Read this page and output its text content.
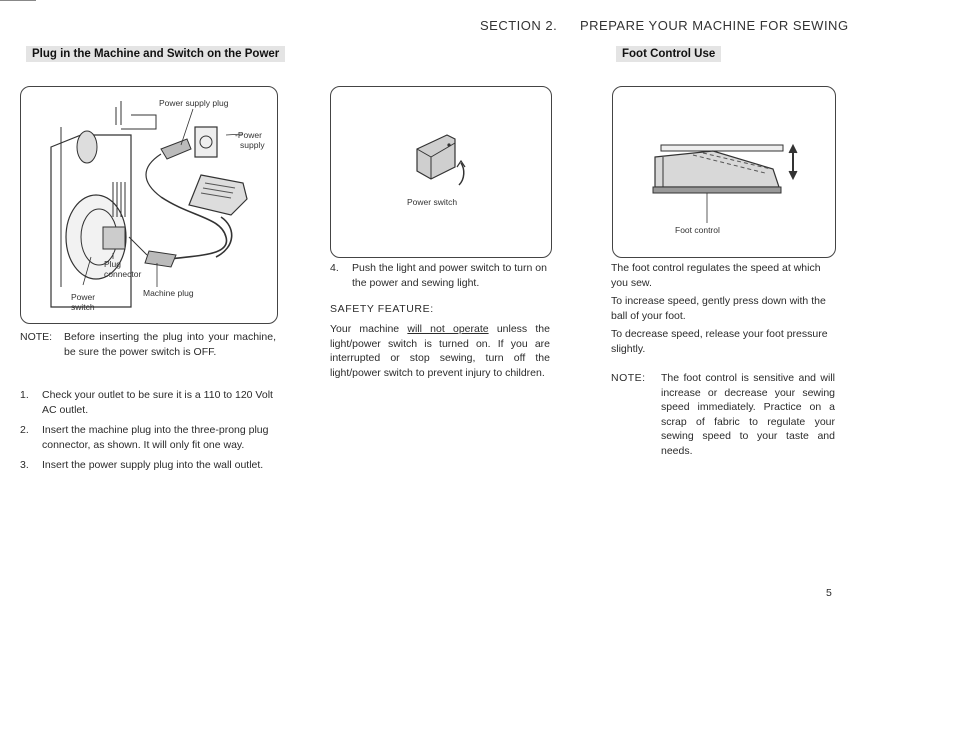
SECTION 2. PREPARE YOUR MACHINE FOR SEWING
Plug in the Machine and Switch on the Power
Power supply plug
-Power
supply
Plug
connector
Power
switch
Machine plug
NOTE:	Before inserting the plug into your machine, be sure the power switch is OFF.
1. Check your outlet to be sure it is a 110 to 120 Volt AC outlet.
2. Insert the machine plug into the three-prong plug connector, as shown. It will only fit one way.
3. Insert the power supply plug into the wall outlet.
Power switch
4. Push the light and power switch to turn on the power and sewing light.
SAFETY FEATURE:
Your machine will not operate unless the light/power switch is turned on. If you are interrupted or stop sewing, turn off the light/power switch to prevent injury to children.
Foot Control Use
Foot control
The foot control regulates the speed at which you sew.
To increase speed, gently press down with the ball of your foot.
To decrease speed, release your foot pressure slightly.
NOTE:	The foot control is sensitive and will increase or decrease your sewing speed immediately. Practice on a scrap of fabric to regulate your sewing speed to your taste and needs.
5
